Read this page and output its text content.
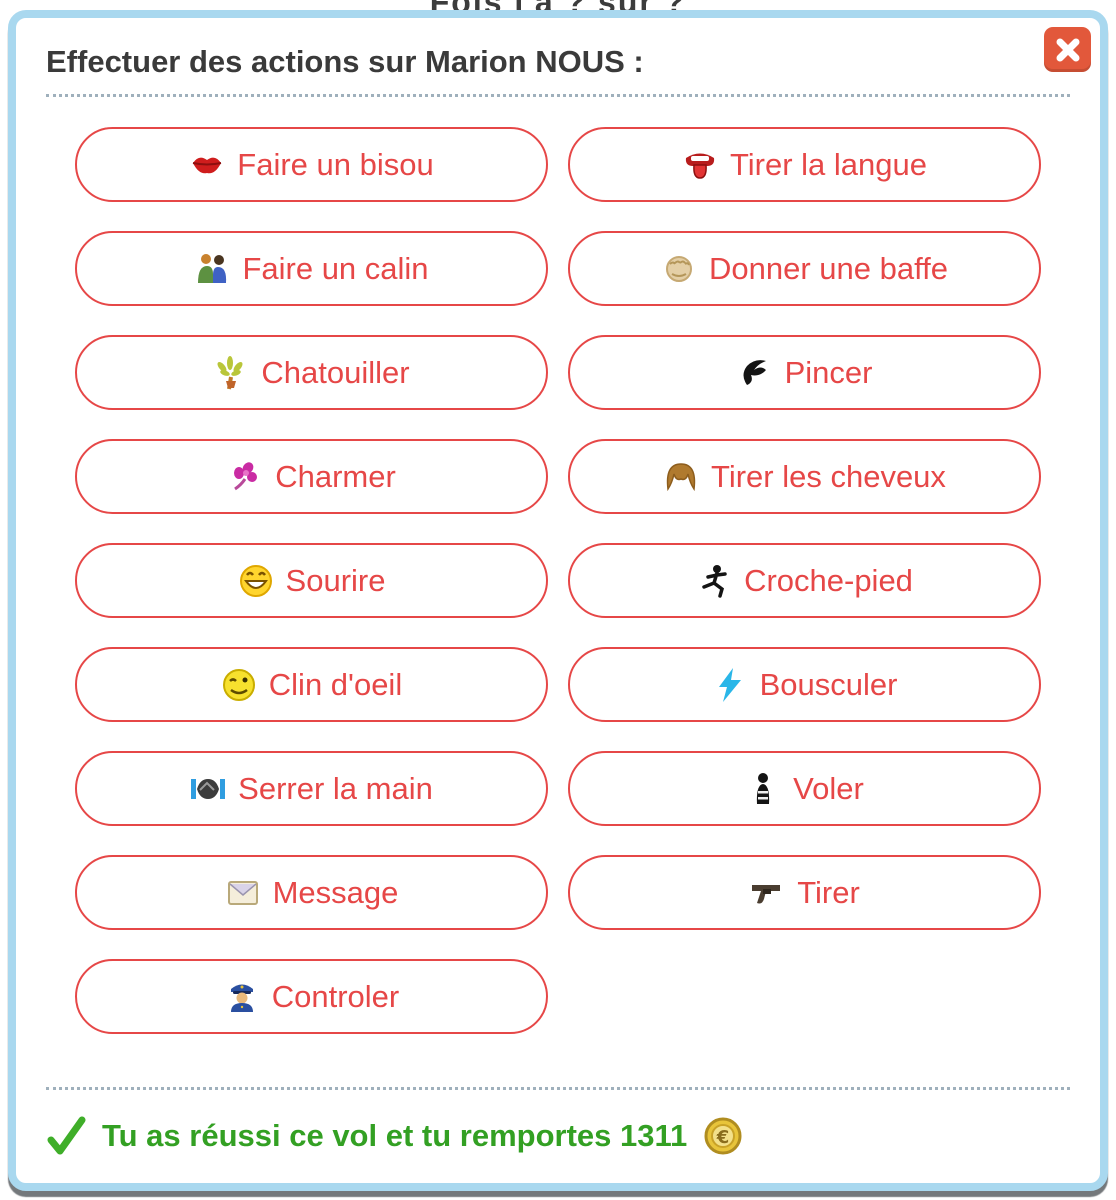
Effectuer des actions sur Marion NOUS :
Faire un bisou	Tirer la langue
Faire un calin	Donner une baffe
Chatouiller	Pincer
Charmer	Tirer les cheveux
Sourire	Croche-pied
Clin d'oeil	Bousculer
Serrer la main	Voler
Message	Tirer
Controler
Tu as réussi ce vol et tu remportes 1311 €
